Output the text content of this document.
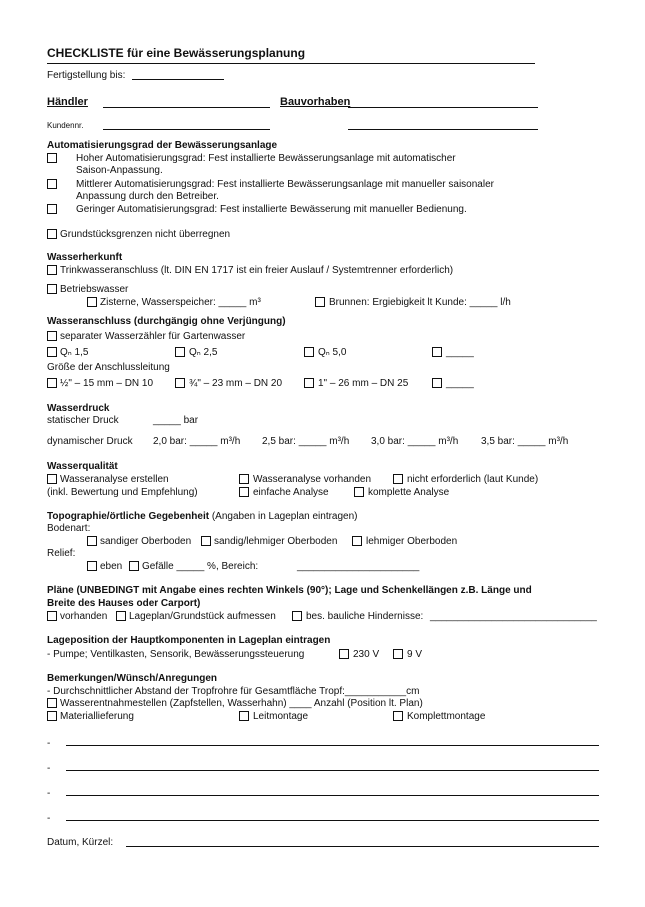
CHECKLISTE für eine Bewässerungsplanung
Fertigstellung bis:
Händler	Bauvorhaben
Kundennr.
Automatisierungsgrad der Bewässerungsanlage
Hoher Automatisierungsgrad: Fest installierte Bewässerungsanlage mit automatischer
Saison-Anpassung.
Mittlerer Automatisierungsgrad: Fest installierte Bewässerungsanlage mit manueller saisonaler
Anpassung durch den Betreiber.
Geringer Automatisierungsgrad: Fest installierte Bewässerung mit manueller Bedienung.
Grundstücksgrenzen nicht überregnen
Wasserherkunft
Trinkwasseranschluss (lt. DIN EN 1717 ist ein freier Auslauf / Systemtrenner erforderlich)
Betriebswasser
Zisterne, Wasserspeicher: _____ m³	Brunnen: Ergiebigkeit lt Kunde: _____ l/h
Wasseranschluss (durchgängig ohne Verjüngung)
separater Wasserzähler für Gartenwasser
Qₙ 1,5	Qₙ 2,5	Qₙ 5,0	_____
Größe der Anschlussleitung
½" – 15 mm – DN 10	¾" – 23 mm – DN 20	1" – 26 mm – DN 25	_____
Wasserdruck
statischer Druck	_____ bar
dynamischer Druck 2,0 bar: _____ m³/h 2,5 bar: _____ m³/h 3,0 bar: _____ m³/h 3,5 bar: _____ m³/h
Wasserqualität
Wasseranalyse erstellen	Wasseranalyse vorhanden	nicht erforderlich (laut Kunde)
(inkl. Bewertung und Empfehlung)	einfache Analyse	komplette Analyse
Topographie/örtliche Gegebenheit (Angaben in Lageplan eintragen)
Bodenart:
sandiger Oberboden sandig/lehmiger Oberboden	lehmiger Oberboden
Relief:
eben Gefälle _____ %, Bereich:	______________________
Pläne (UNBEDINGT mit Angabe eines rechten Winkels (90°); Lage und Schenkellängen z.B. Länge und
Breite des Hauses oder Carport)
vorhanden Lageplan/Grundstück aufmessen	bes. bauliche Hindernisse: ______________________________
Lageposition der Hauptkomponenten in Lageplan eintragen
- Pumpe; Ventilkasten, Sensorik, Bewässerungssteuerung	230 V	9 V
Bemerkungen/Wünsch/Anregungen
- Durchschnittlicher Abstand der Tropfrohre für Gesamtfläche Tropf:___________cm
Wasserentnahmestellen (Zapfstellen, Wasserhahn) ____ Anzahl (Position lt. Plan)
Materiallieferung	Leitmontage	Komplettmontage
-
-
-
-
Datum, Kürzel:
